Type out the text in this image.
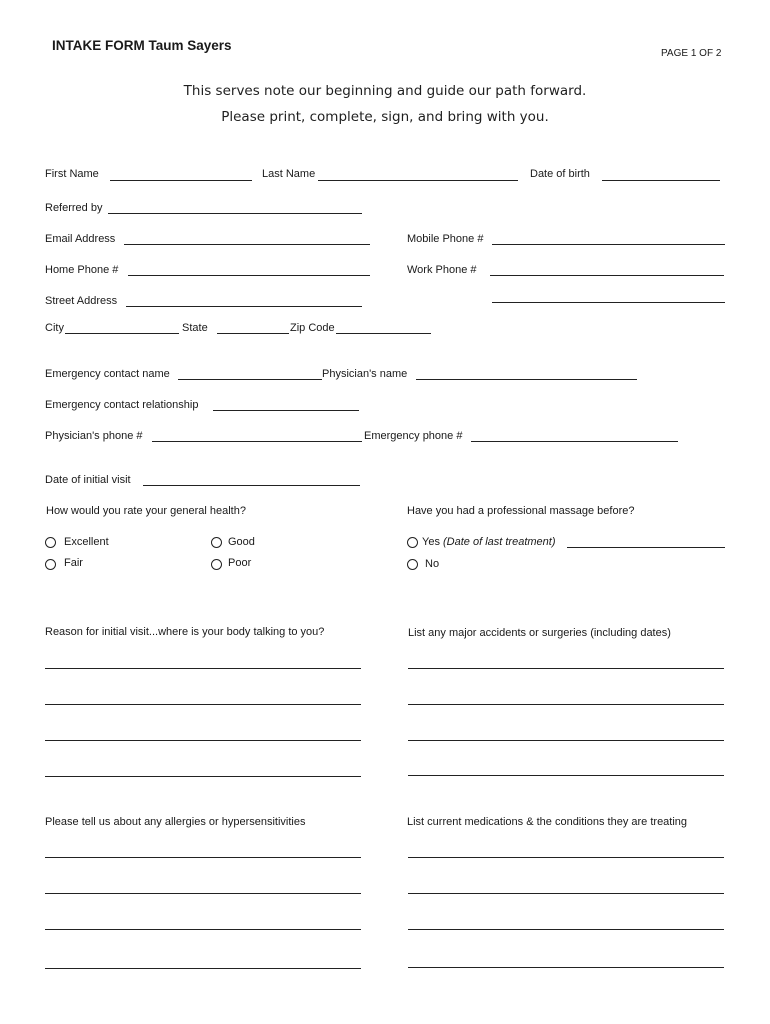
INTAKE FORM Taum Sayers
PAGE 1 OF 2
This serves note our beginning and guide our path forward.
Please print, complete, sign, and bring with you.
First Name	Last Name	Date of birth
Referred by
Email Address	Mobile Phone #
Home Phone #	Work Phone #
Street Address
City	State	Zip Code
Emergency contact name	Physician's name
Emergency contact relationship
Physician's phone #	Emergency phone #
Date of initial visit
How would you rate your general health?
Excellent	Good
Fair	Poor
Have you had a professional massage before?
Yes (Date of last treatment)
No
Reason for initial visit...where is your body talking to you?	List any major accidents or surgeries (including dates)
Please tell us about any allergies or hypersensitivities	List current medications & the conditions they are treating
